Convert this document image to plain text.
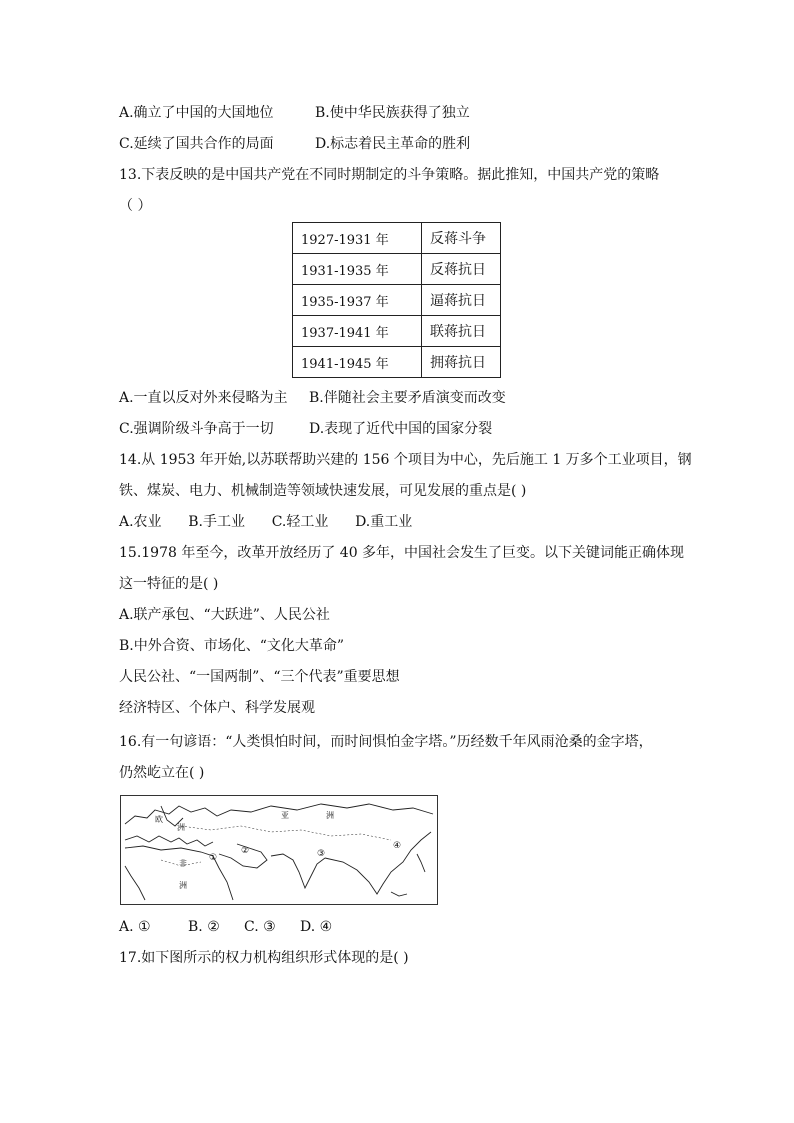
A.确立了中国的大国地位	B.使中华民族获得了独立
C.延续了国共合作的局面	D.标志着民主革命的胜利
13.下表反映的是中国共产党在不同时期制定的斗争策略。据此推知，中国共产党的策略
（ ）
1927-1931 年	反蒋斗争
1931-1935 年	反蒋抗日
1935-1937 年	逼蒋抗日
1937-1941 年	联蒋抗日
1941-1945 年	拥蒋抗日
A.一直以反对外来侵略为主 B.伴随社会主要矛盾演变而改变
C.强调阶级斗争高于一切	D.表现了近代中国的国家分裂
14.从 1953 年开始,以苏联帮助兴建的 156 个项目为中心，先后施工 1 万多个工业项目，钢
铁、煤炭、电力、机械制造等领域快速发展，可见发展的重点是( )
A.农业      B.手工业      C.轻工业      D.重工业
15.1978 年至今，改革开放经历了 40 多年，中国社会发生了巨变。以下关键词能正确体现
这一特征的是( )
A.联产承包、“大跃进”、人民公社
B.中外合资、市场化、“文化大革命”
人民公社、“一国两制”、“三个代表”重要思想
经济特区、个体户、科学发展观
16.有一句谚语：“人类惧怕时间，而时间惧怕金字塔。”历经数千年风雨沧桑的金字塔，
仍然屹立在( )
亚	洲
欧
洲
非
洲
①
②	③
④
A. ①	B. ② C. ③ D. ④
17.如下图所示的权力机构组织形式体现的是( )
